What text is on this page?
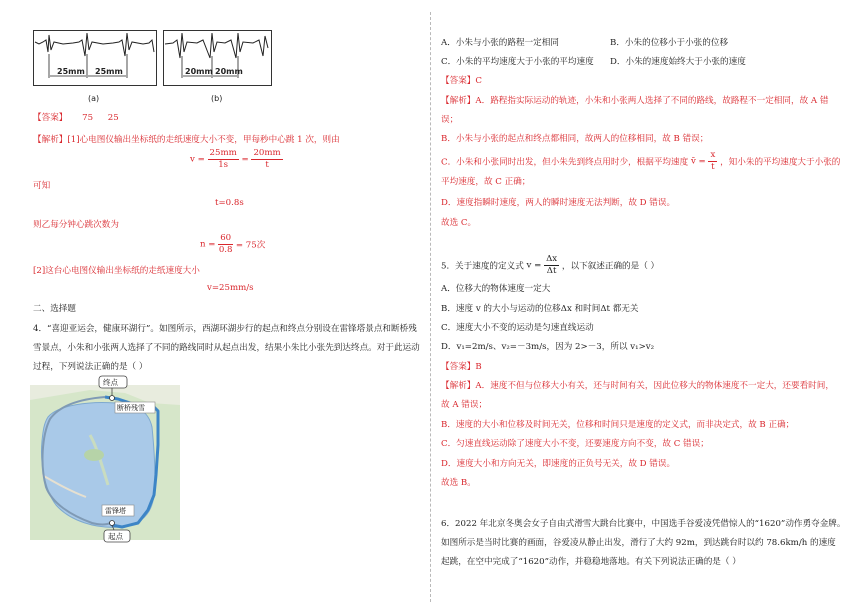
25mm 25mm
(a)
20mm 20mm
(b)
【答案】 75 25
【解析】[1]心电图仪输出坐标纸的走纸速度大小不变，甲每秒中心跳 1 次，则由
$v = \frac{25mm}{1s} = \frac{20mm}{t}$
可知
t=0.8s
则乙每分钟心跳次数为
$n = \frac{60}{0.8} = 75$次
[2]这台心电图仪输出坐标纸的走纸速度大小
v=25mm/s
二、选择题
4．“喜迎亚运会，健康环湖行”。如图所示，西湖环湖步行的起点和终点分别设在雷锋塔景点和断桥残
雪景点，小朱和小张两人选择了不同的路线同时从起点出发，结果小朱比小张先到达终点。对于此运动
过程，下列说法正确的是（ ）
终点
断桥残雪
雷锋塔
起点
A．小朱与小张的路程一定相同	B．小朱的位移小于小张的位移
C．小朱的平均速度大于小张的平均速度 D．小朱的速度始终大于小张的速度
【答案】C
【解析】A．路程指实际运动的轨迹，小朱和小张两人选择了不同的路线，故路程不一定相同，故 A 错
误；
B．小朱与小张的起点和终点都相同，故两人的位移相同，故 B 错误；
C．小朱和小张同时出发，但小朱先到终点用时少，根据平均速度 v̄ = $\frac{x}{t}$ ，知小朱的平均速度大于小张的
平均速度，故 C 正确；
D．速度指瞬时速度，两人的瞬时速度无法判断，故 D 错误。
故选 C。
5．关于速度的定义式 $v = \frac{\Delta x}{\Delta t}$ ，以下叙述正确的是（ ）
A．位移大的物体速度一定大
B．速度 v 的大小与运动的位移Δx 和时间Δt 都无关
C．速度大小不变的运动是匀速直线运动
D．v₁=2m/s、v₂=－3m/s，因为 2>－3，所以 v₁>v₂
【答案】B
【解析】A．速度不但与位移大小有关，还与时间有关，因此位移大的物体速度不一定大，还要看时间，
故 A 错误；
B．速度的大小和位移及时间无关，位移和时间只是速度的定义式，而非决定式，故 B 正确；
C．匀速直线运动除了速度大小不变，还要速度方向不变，故 C 错误；
D．速度大小和方向无关，即速度的正负号无关，故 D 错误。
故选 B。
6．2022 年北京冬奥会女子自由式滑雪大跳台比赛中，中国选手谷爱凌凭借惊人的“1620”动作勇夺金牌。
如图所示是当时比赛的画面，谷爱凌从静止出发，滑行了大约 92m，到达跳台时以约 78.6km/h 的速度
起跳，在空中完成了“1620”动作，并稳稳地落地。有关下列说法正确的是（ ）
